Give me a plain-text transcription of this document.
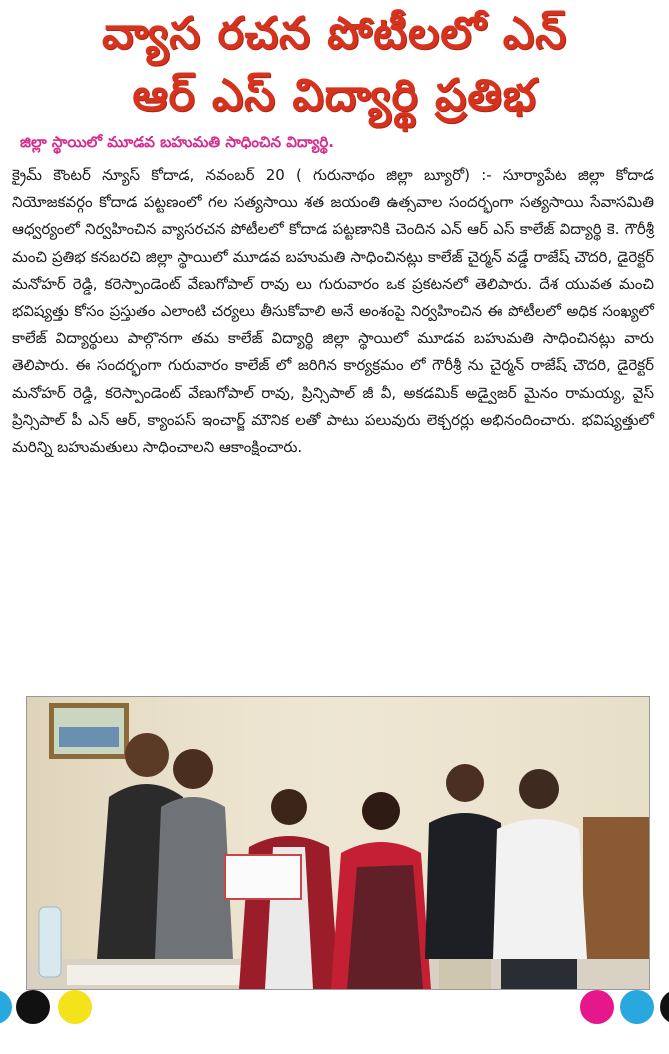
వ్యాస రచన పోటీలలో ఎన్
ఆర్ ఎస్ విద్యార్థి ప్రతిభ
జిల్లా స్థాయిలో మూడవ బహుమతి సాధించిన విద్యార్థి.

క్రైమ్ కౌంటర్ న్యూస్ కోదాడ, నవంబర్ 20 ( గురునాథం జిల్లా బ్యూరో) :- సూర్యాపేట జిల్లా కోదాడ నియోజకవర్గం కోదాడ పట్టణంలో గల సత్యసాయి శత జయంతి ఉత్సవాల సందర్భంగా సత్యసాయి సేవాసమితి ఆధ్వర్యంలో నిర్వహించిన వ్యాసరచన పోటీలలో కోదాడ పట్టణానికి చెందిన ఎన్ ఆర్ ఎస్ కాలేజ్ విద్యార్థి కె. గౌరీశ్రీ మంచి ప్రతిభ కనబరచి జిల్లా స్థాయిలో మూడవ బహుమతి సాధించినట్లు కాలేజ్ చైర్మన్ వడ్డే రాజేష్ చౌదరి, డైరెక్టర్ మనోహర్ రెడ్డి, కరెస్పాండెంట్ వేణుగోపాల్ రావు లు గురువారం ఒక ప్రకటనలో తెలిపారు. దేశ యువత మంచి భవిష్యత్తు కోసం ప్రస్తుతం ఎలాంటి చర్యలు తీసుకోవాలి అనే అంశంపై నిర్వహించిన ఈ పోటీలలో అధిక సంఖ్యలో కాలేజ్ విద్యార్థులు పాల్గొనగా తమ కాలేజ్ విద్యార్థి జిల్లా స్థాయిలో మూడవ బహుమతి సాధించినట్లు వారు తెలిపారు. ఈ సందర్భంగా గురువారం కాలేజ్ లో జరిగిన కార్యక్రమం లో గౌరీశ్రీ ను చైర్మన్ రాజేష్ చౌదరి, డైరెక్టర్ మనోహర్ రెడ్డి, కరెస్పాండెంట్ వేణుగోపాల్ రావు, ప్రిన్సిపాల్ జీ వీ, అకడమిక్ అడ్వైజర్ మైనం రామయ్య, వైస్ ప్రిన్సిపాల్ పీ ఎన్ ఆర్, క్యాంపస్ ఇంచార్జ్ మౌనిక లతో పాటు పలువురు లెక్చరర్లు అభినందించారు. భవిష్యత్తులో మరిన్ని బహుమతులు సాధించాలని ఆకాంక్షించారు.
